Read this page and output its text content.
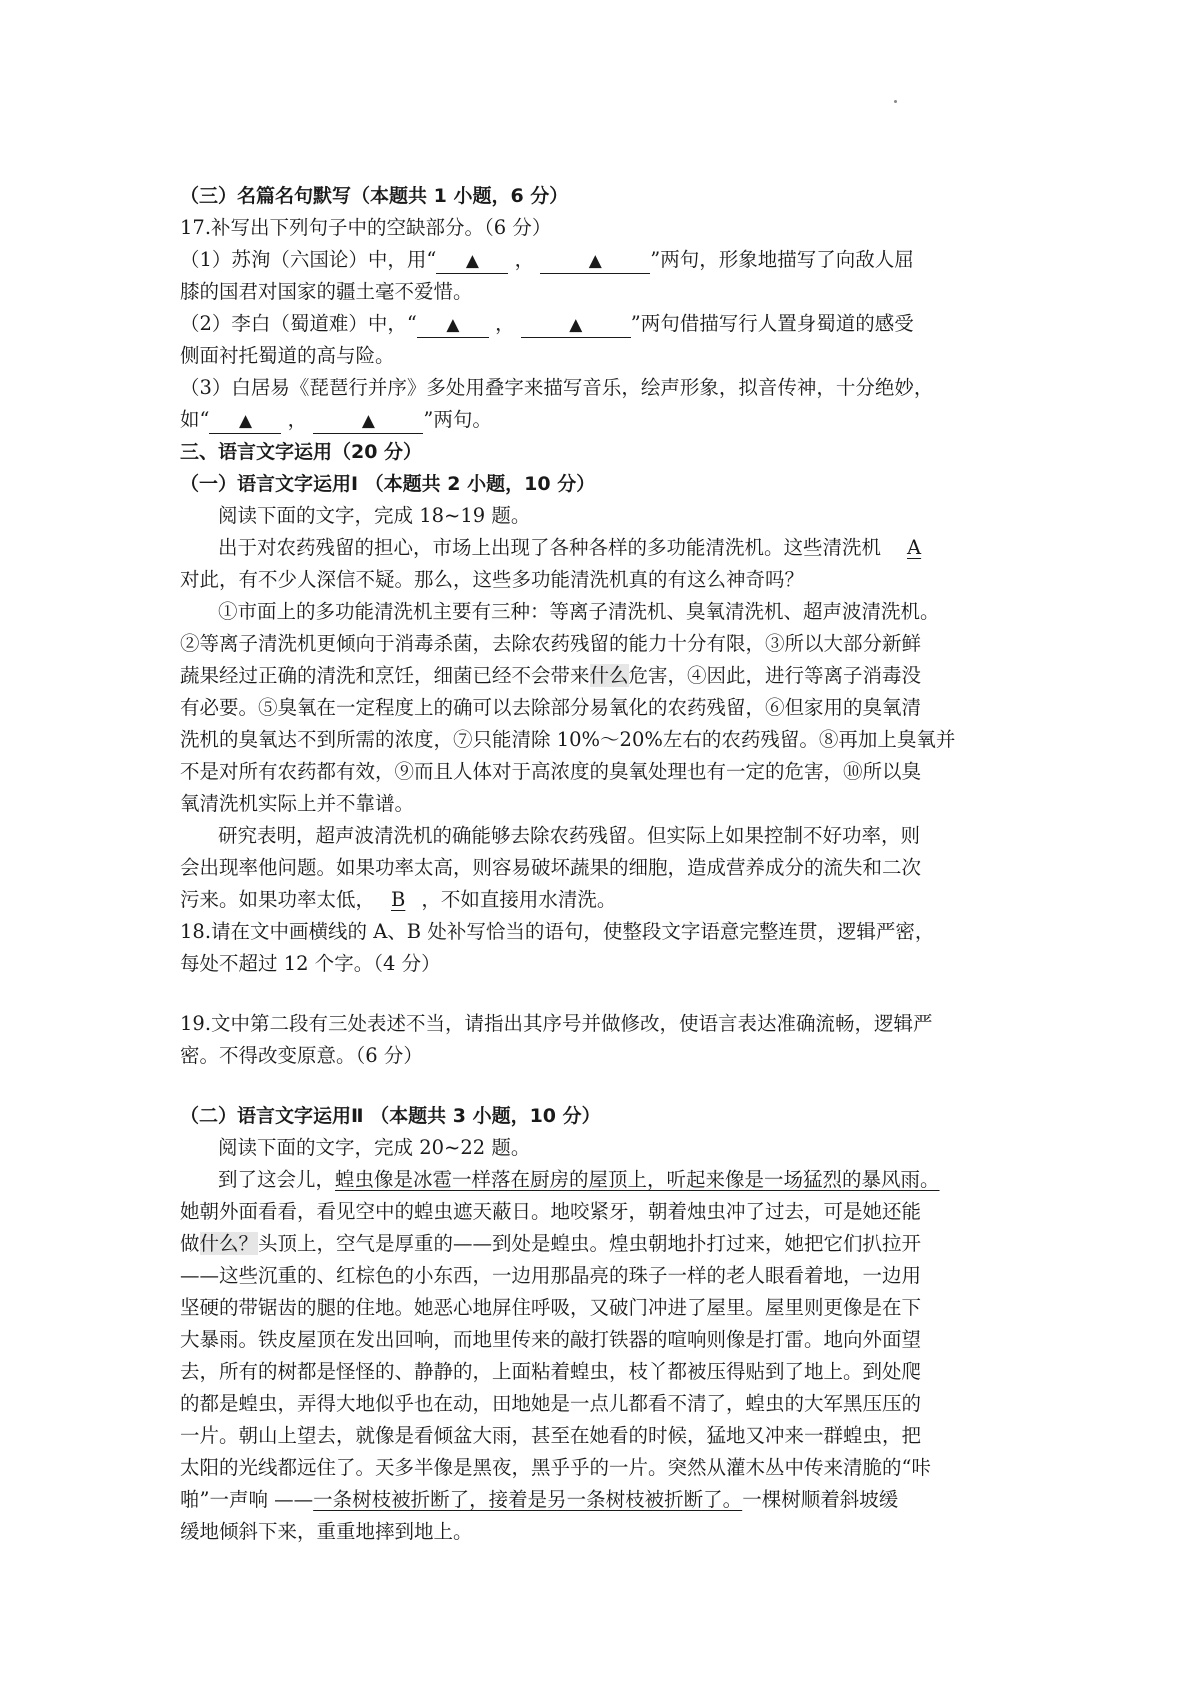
（三）名篇名句默写（本题共 1 小题，6 分）

17.补写出下列句子中的空缺部分。（6 分）

（1）苏洵（六国论）中，用“ ▲ ，	▲ ”两句，形象地描写了向敌人屈

膝的国君对国家的疆土毫不爱惜。

（2）李白（蜀道难）中，“ ▲ ，	▲ ”两句借描写行人置身蜀道的感受

侧面衬托蜀道的高与险。

（3）白居易《琵琶行并序》多处用叠字来描写音乐，绘声形象，拟音传神，十分绝妙，

如“ ▲ ，	▲ ”两句。

三、语言文字运用（20 分）

（一）语言文字运用Ⅰ （本题共 2 小题，10 分）

阅读下面的文字，完成 18~19 题。

出于对农药残留的担心，市场上出现了各种各样的多功能清洗机。这些清洗机 A

对此，有不少人深信不疑。那么，这些多功能清洗机真的有这么神奇吗？

①市面上的多功能清洗机主要有三种：等离子清洗机、臭氧清洗机、超声波清洗机。

②等离子清洗机更倾向于消毒杀菌，去除农药残留的能力十分有限，③所以大部分新鲜

蔬果经过正确的清洗和烹饪，细菌已经不会带来什么危害，④因此，进行等离子消毒没

有必要。⑤臭氧在一定程度上的确可以去除部分易氧化的农药残留，⑥但家用的臭氧清

洗机的臭氧达不到所需的浓度，⑦只能清除 10%～20%左右的农药残留。⑧再加上臭氧并

不是对所有农药都有效，⑨而且人体对于高浓度的臭氧处理也有一定的危害，⑩所以臭

氧清洗机实际上并不靠谱。

研究表明，超声波清洗机的确能够去除农药残留。但实际上如果控制不好功率，则

会出现率他问题。如果功率太高，则容易破坏蔬果的细胞，造成营养成分的流失和二次

污来。如果功率太低， B ，不如直接用水清洗。

18.请在文中画横线的 A、B 处补写恰当的语句，使整段文字语意完整连贯，逻辑严密，

每处不超过 12 个字。（4 分）

19.文中第二段有三处表述不当，请指出其序号并做修改，使语言表达准确流畅，逻辑严

密。不得改变原意。（6 分）

（二）语言文字运用Ⅱ （本题共 3 小题，10 分）

阅读下面的文字，完成 20~22 题。

到了这会儿，蝗虫像是冰雹一样落在厨房的屋顶上，听起来像是一场猛烈的暴风雨。

她朝外面看看，看见空中的蝗虫遮天蔽日。地咬紧牙，朝着烛虫冲了过去，可是她还能

做什么？头顶上，空气是厚重的——到处是蝗虫。煌虫朝地扑打过来，她把它们扒拉开

——这些沉重的、红棕色的小东西，一边用那晶亮的珠子一样的老人眼看着地，一边用

坚硬的带锯齿的腿的住地。她恶心地屏住呼吸，又破门冲进了屋里。屋里则更像是在下

大暴雨。铁皮屋顶在发出回响，而地里传来的敲打铁器的喧响则像是打雷。地向外面望

去，所有的树都是怪怪的、静静的，上面粘着蝗虫，枝丫都被压得贴到了地上。到处爬

的都是蝗虫，弄得大地似乎也在动，田地她是一点儿都看不清了，蝗虫的大军黑压压的

一片。朝山上望去，就像是看倾盆大雨，甚至在她看的时候，猛地又冲来一群蝗虫，把

太阳的光线都远住了。天多半像是黑夜，黑乎乎的一片。突然从灌木丛中传来清脆的“咔

啪”一声响 ——一条树枝被折断了，接着是另一条树枝被折断了。一棵树顺着斜坡缓

缓地倾斜下来，重重地摔到地上。
